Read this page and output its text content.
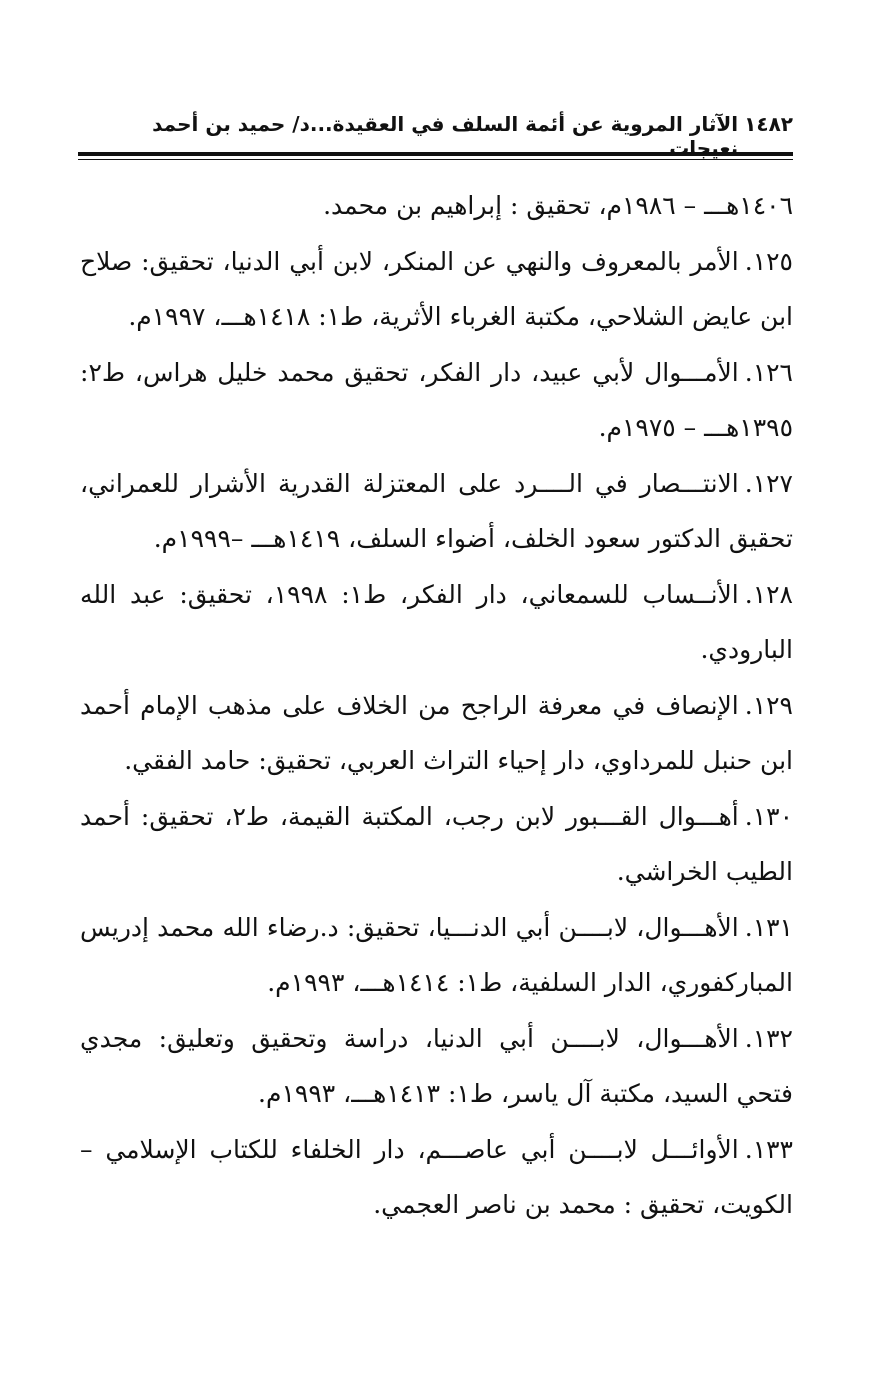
١٤٨٢
الآثار المروية عن أئمة السلف في العقيدة...د/ حميد بن أحمد نعيجات

١٤٠٦هـــ – ١٩٨٦م، تحقيق : إبراهيم بن محمد.

١٢٥.الأمر بالمعروف والنهي عن المنكر، لابن أبي الدنيا، تحقيق: صلاح ابن عايض الشلاحي، مكتبة الغرباء الأثرية، ط١: ١٤١٨هـــ، ١٩٩٧م.

١٢٦.الأمـــوال لأبي عبيد، دار الفكر، تحقيق محمد خليل هراس، ط٢: ١٣٩٥هـــ – ١٩٧٥م.

١٢٧.الانتـــصار في الــــرد على المعتزلة القدرية الأشرار للعمراني، تحقيق الدكتور سعود الخلف، أضواء السلف، ١٤١٩هـــ –١٩٩٩م.

١٢٨.الأنــساب للسمعاني، دار الفكر، ط١: ١٩٩٨، تحقيق: عبد الله البارودي.

١٢٩.الإنصاف في معرفة الراجح من الخلاف على مذهب الإمام أحمد ابن حنبل للمرداوي، دار إحياء التراث العربي، تحقيق: حامد الفقي.

١٣٠.أهـــوال القـــبور لابن رجب، المكتبة القيمة، ط٢، تحقيق: أحمد الطيب الخراشي.

١٣١.الأهـــوال، لابــــن أبي الدنـــيا، تحقيق: د.رضاء الله محمد إدريس المباركفوري، الدار السلفية، ط١: ١٤١٤هـــ، ١٩٩٣م.

١٣٢.الأهـــوال، لابــــن أبي الدنيا، دراسة وتحقيق وتعليق: مجدي فتحي السيد، مكتبة آل ياسر، ط١: ١٤١٣هـــ، ١٩٩٣م.

١٣٣.الأوائـــل لابــــن أبي عاصـــم، دار الخلفاء للكتاب الإسلامي – الكويت، تحقيق : محمد بن ناصر العجمي.
